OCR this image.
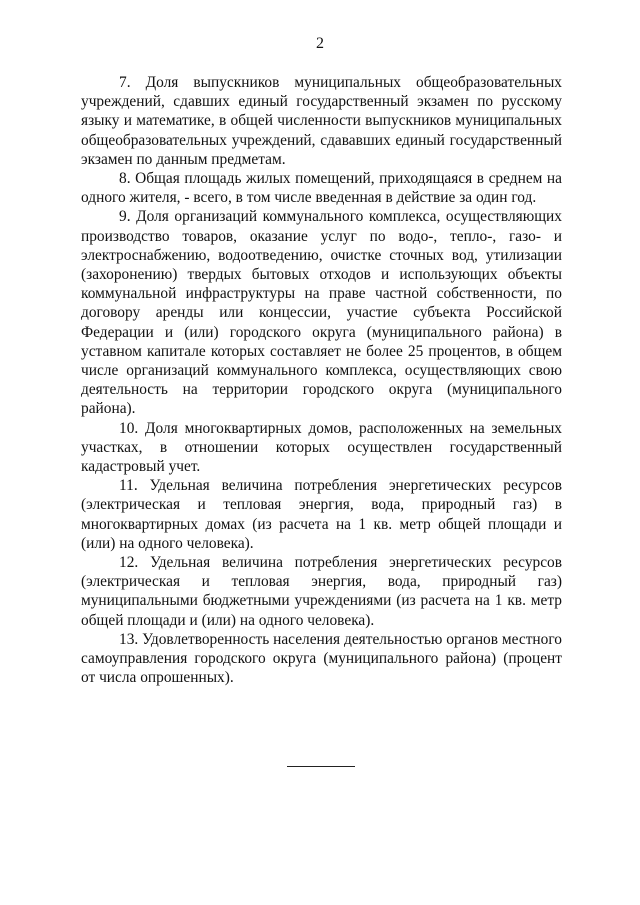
2

7. Доля выпускников муниципальных общеобразовательных учреждений, сдавших единый государственный экзамен по русскому языку и математике, в общей численности выпускников муниципальных общеобразовательных учреждений, сдававших единый государственный экзамен по данным предметам.

8. Общая площадь жилых помещений, приходящаяся в среднем на одного жителя, - всего, в том числе введенная в действие за один год.

9. Доля организаций коммунального комплекса, осуществляющих производство товаров, оказание услуг по водо-, тепло-, газо- и электроснабжению, водоотведению, очистке сточных вод, утилизации (захоронению) твердых бытовых отходов и использующих объекты коммунальной инфраструктуры на праве частной собственности, по договору аренды или концессии, участие субъекта Российской Федерации и (или) городского округа (муниципального района) в уставном капитале которых составляет не более 25 процентов, в общем числе организаций коммунального комплекса, осуществляющих свою деятельность на территории городского округа (муниципального района).

10. Доля многоквартирных домов, расположенных на земельных участках, в отношении которых осуществлен государственный кадастровый учет.

11. Удельная величина потребления энергетических ресурсов (электрическая и тепловая энергия, вода, природный газ) в многоквартирных домах (из расчета на 1 кв. метр общей площади и (или) на одного человека).

12. Удельная величина потребления энергетических ресурсов (электрическая и тепловая энергия, вода, природный газ) муниципальными бюджетными учреждениями (из расчета на 1 кв. метр общей площади и (или) на одного человека).

13. Удовлетворенность населения деятельностью органов местного самоуправления городского округа (муниципального района) (процент от числа опрошенных).
